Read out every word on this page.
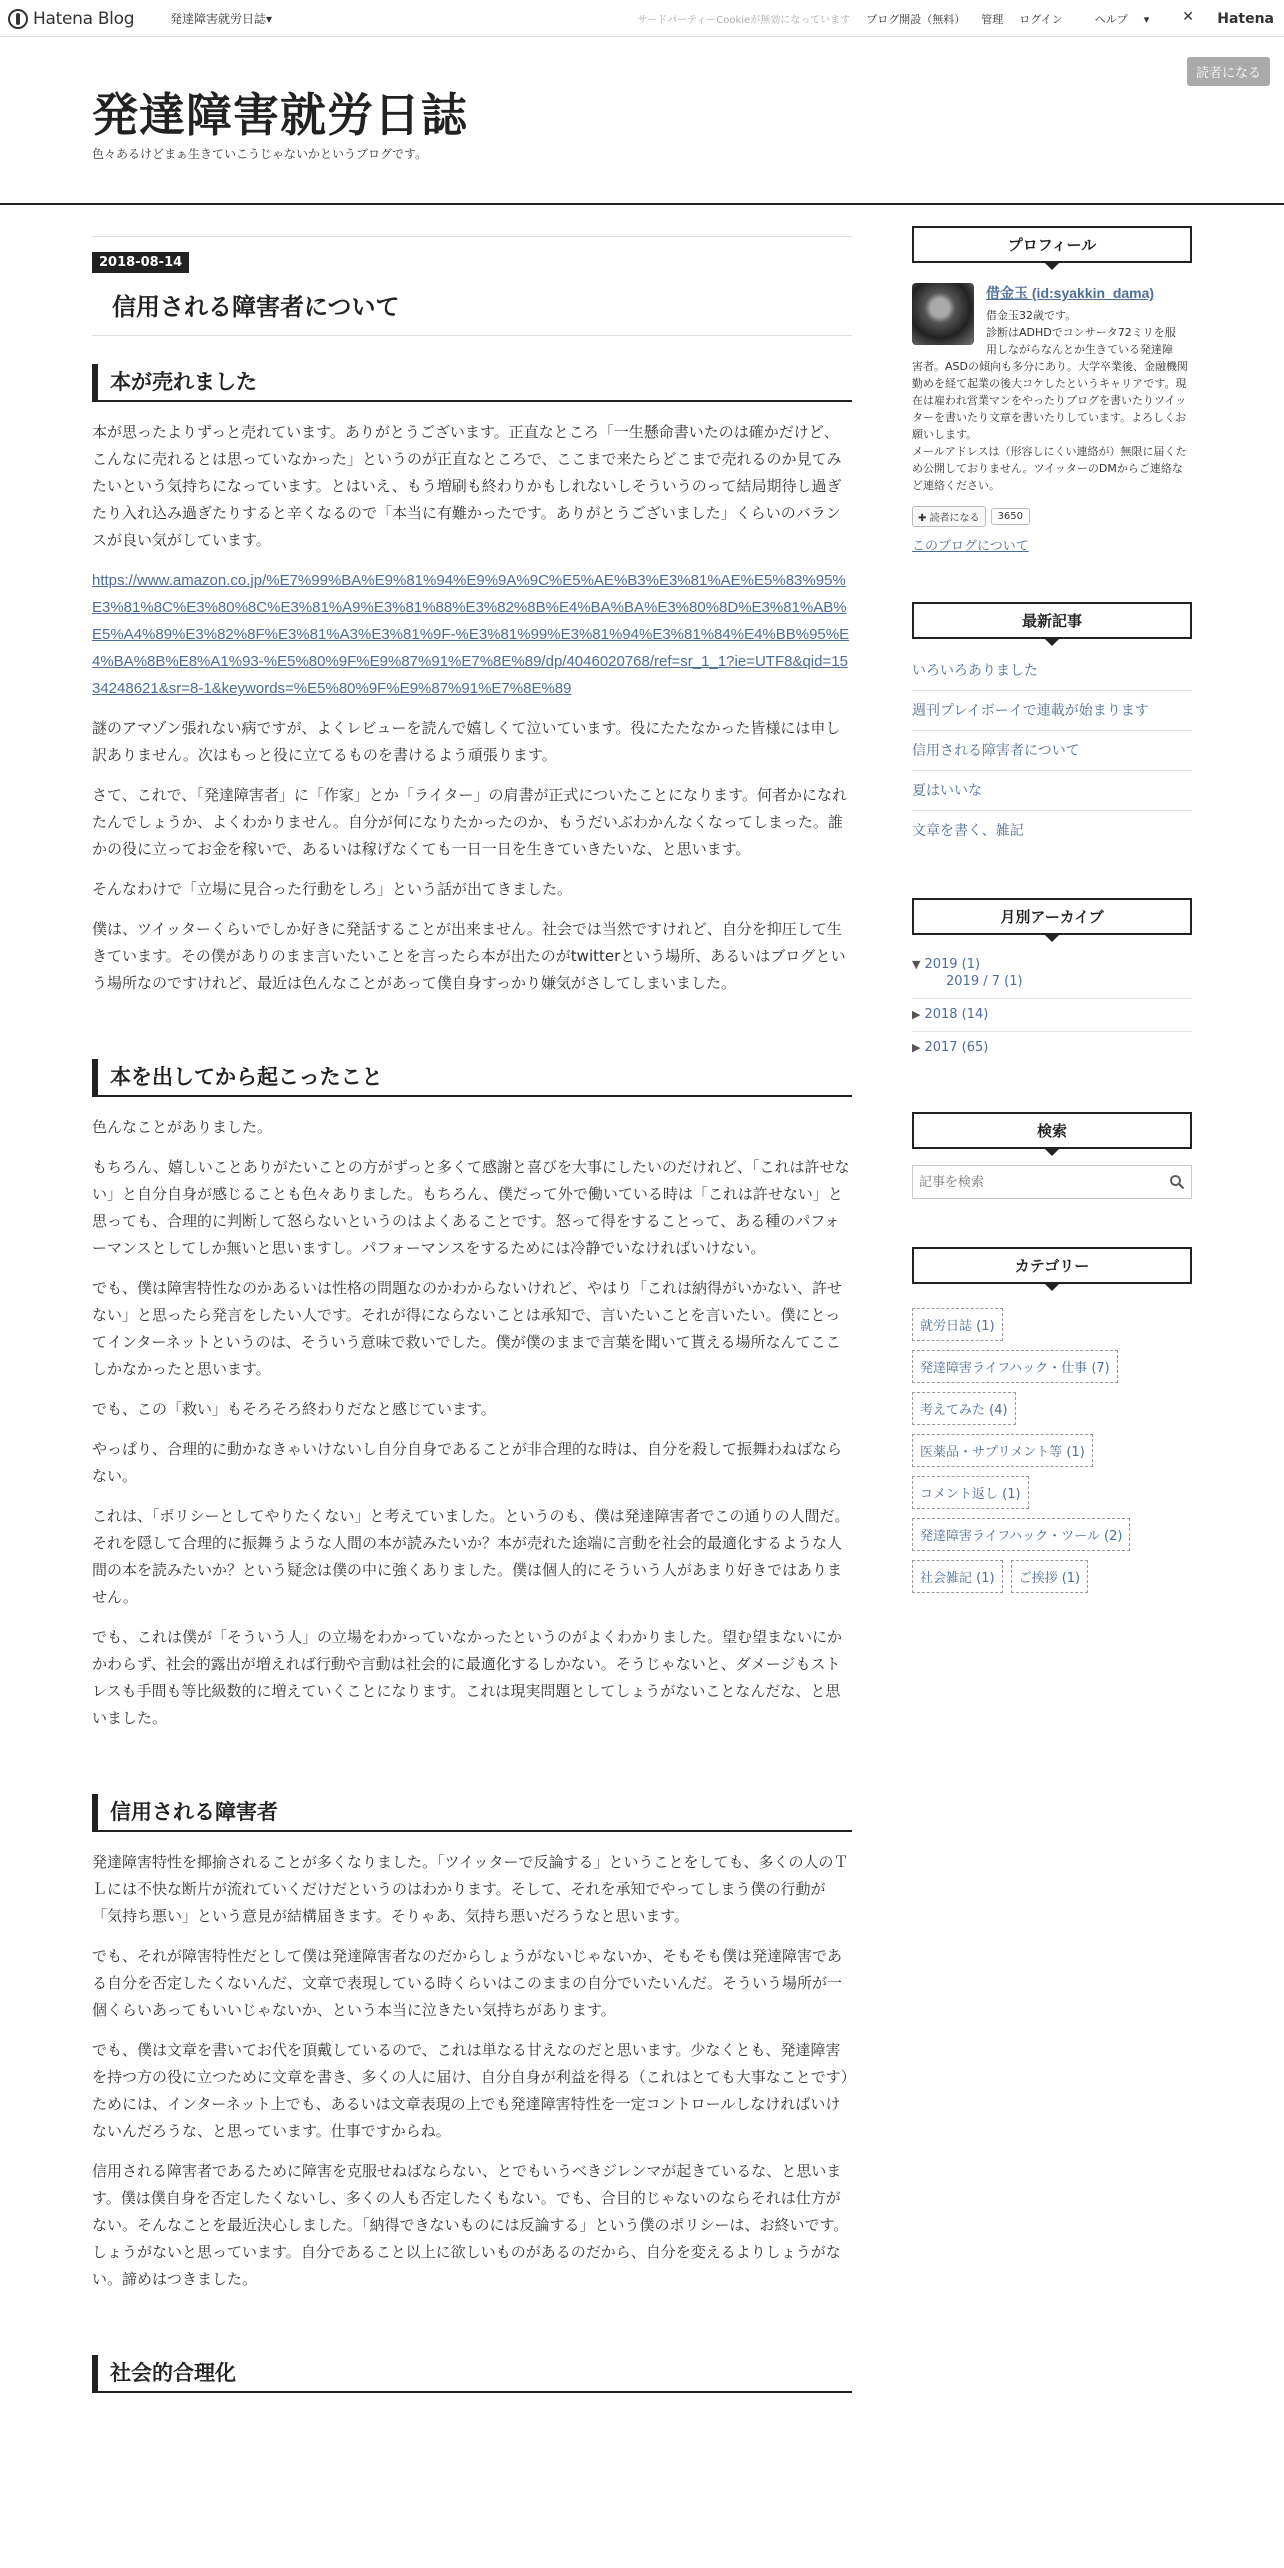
Hatena Blog	発達障害就労日誌▾	サードパーティーCookieが無効になっています ブログ開設（無料） 管理 ログイン	ヘルプ ▾
✕	Hatena
発達障害就労日誌
色々あるけどまぁ生きていこうじゃないかというブログです。
読者になる
2018-08-14
信用される障害者について
本が売れました
本が思ったよりずっと売れています。ありがとうございます。正直なところ「一生懸命書いたのは確かだけど、こんなに売れるとは思っていなかった」というのが正直なところで、ここまで来たらどこまで売れるのか見てみたいという気持ちになっています。とはいえ、もう増刷も終わりかもしれないしそういうのって結局期待し過ぎたり入れ込み過ぎたりすると辛くなるので「本当に有難かったです。ありがとうございました」くらいのバランスが良い気がしています。
https://www.amazon.co.jp/%E7%99%BA%E9%81%94%E9%9A%9C%E5%AE%B3%E3%81%AE%E5%83%95%E3%81%8C%E3%80%8C%E3%81%A9%E3%81%88%E3%82%8B%E4%BA%BA%E3%80%8D%E3%81%AB%E5%A4%89%E3%82%8F%E3%81%A3%E3%81%9F-%E3%81%99%E3%81%94%E3%81%84%E4%BB%95%E4%BA%8B%E8%A1%93-%E5%80%9F%E9%87%91%E7%8E%89/dp/4046020768/ref=sr_1_1?ie=UTF8&qid=1534248621&sr=8-1&keywords=%E5%80%9F%E9%87%91%E7%8E%89
謎のアマゾン張れない病ですが、よくレビューを読んで嬉しくて泣いています。役にたたなかった皆様には申し訳ありません。次はもっと役に立てるものを書けるよう頑張ります。
さて、これで、「発達障害者」に「作家」とか「ライター」の肩書が正式についたことになります。何者かになれたんでしょうか、よくわかりません。自分が何になりたかったのか、もうだいぶわかんなくなってしまった。誰かの役に立ってお金を稼いで、あるいは稼げなくても一日一日を生きていきたいな、と思います。
そんなわけで「立場に見合った行動をしろ」という話が出てきました。
僕は、ツイッターくらいでしか好きに発話することが出来ません。社会では当然ですけれど、自分を抑圧して生きています。その僕がありのまま言いたいことを言ったら本が出たのがtwitterという場所、あるいはブログという場所なのですけれど、最近は色んなことがあって僕自身すっかり嫌気がさしてしまいました。
本を出してから起こったこと
色んなことがありました。
もちろん、嬉しいことありがたいことの方がずっと多くて感謝と喜びを大事にしたいのだけれど、「これは許せない」と自分自身が感じることも色々ありました。もちろん、僕だって外で働いている時は「これは許せない」と思っても、合理的に判断して怒らないというのはよくあることです。怒って得をすることって、ある種のパフォーマンスとしてしか無いと思いますし。パフォーマンスをするためには冷静でいなければいけない。
でも、僕は障害特性なのかあるいは性格の問題なのかわからないけれど、やはり「これは納得がいかない、許せない」と思ったら発言をしたい人です。それが得にならないことは承知で、言いたいことを言いたい。僕にとってインターネットというのは、そういう意味で救いでした。僕が僕のままで言葉を聞いて貰える場所なんてここしかなかったと思います。
でも、この「救い」もそろそろ終わりだなと感じています。
やっぱり、合理的に動かなきゃいけないし自分自身であることが非合理的な時は、自分を殺して振舞わねばならない。
これは、「ポリシーとしてやりたくない」と考えていました。というのも、僕は発達障害者でこの通りの人間だ。それを隠して合理的に振舞うような人間の本が読みたいか？本が売れた途端に言動を社会的最適化するような人間の本を読みたいか？という疑念は僕の中に強くありました。僕は個人的にそういう人があまり好きではありません。
でも、これは僕が「そういう人」の立場をわかっていなかったというのがよくわかりました。望む望まないにかかわらず、社会的露出が増えれば行動や言動は社会的に最適化するしかない。そうじゃないと、ダメージもストレスも手間も等比級数的に増えていくことになります。これは現実問題としてしょうがないことなんだな、と思いました。
信用される障害者
発達障害特性を揶揄されることが多くなりました。「ツイッターで反論する」ということをしても、多くの人のＴＬには不快な断片が流れていくだけだというのはわかります。そして、それを承知でやってしまう僕の行動が「気持ち悪い」という意見が結構届きます。そりゃあ、気持ち悪いだろうなと思います。
でも、それが障害特性だとして僕は発達障害者なのだからしょうがないじゃないか、そもそも僕は発達障害である自分を否定したくないんだ、文章で表現している時くらいはこのままの自分でいたいんだ。そういう場所が一個くらいあってもいいじゃないか、という本当に泣きたい気持ちがあります。
でも、僕は文章を書いてお代を頂戴しているので、これは単なる甘えなのだと思います。少なくとも、発達障害を持つ方の役に立つために文章を書き、多くの人に届け、自分自身が利益を得る（これはとても大事なことです）ためには、インターネット上でも、あるいは文章表現の上でも発達障害特性を一定コントロールしなければいけないんだろうな、と思っています。仕事ですからね。
信用される障害者であるために障害を克服せねばならない、とでもいうべきジレンマが起きているな、と思います。僕は僕自身を否定したくないし、多くの人も否定したくもない。でも、合目的じゃないのならそれは仕方がない。そんなことを最近決心しました。「納得できないものには反論する」という僕のポリシーは、お終いです。しょうがないと思っています。自分であること以上に欲しいものがあるのだから、自分を変えるよりしょうがない。諦めはつきました。
社会的合理化
プロフィール
借金玉 (id:syakkin_dama)
借金玉32歳です。
診断はADHDでコンサータ72ミリを服
用しながらなんとか生きている発達障
害者。ASDの傾向も多分にあり。大学卒業後、金融機関勤めを経て起業の後大コケしたというキャリアです。現在は雇われ営業マンをやったりブログを書いたりツイッターを書いたり文章を書いたりしています。よろしくお願いします。
メールアドレスは（形容しにくい連絡が）無限に届くため公開しておりません。ツイッターのDMからご連絡など連絡ください。
✚ 読者になる	3650
このブログについて
最新記事
いろいろありました
週刊プレイボーイで連載が始まります
信用される障害者について
夏はいいな
文章を書く、雑記
月別アーカイブ
▼ 2019 (1)
2019 / 7 (1)
▶ 2018 (14)
▶ 2017 (65)
検索
記事を検索
カテゴリー
就労日誌 (1)
発達障害ライフハック・仕事 (7)
考えてみた (4)
医薬品・サプリメント等 (1)
コメント返し (1)
発達障害ライフハック・ツール (2)
社会雑記 (1)	ご挨拶 (1)
